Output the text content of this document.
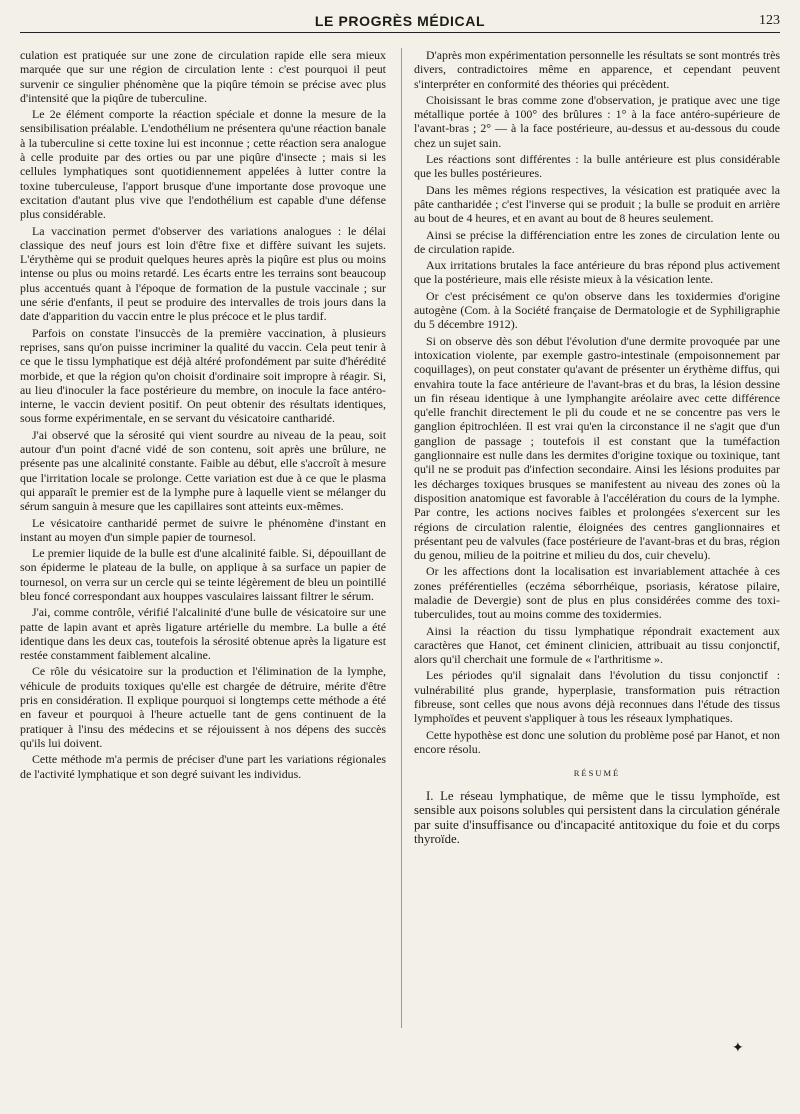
LE PROGRÈS MÉDICAL	123

culation est pratiquée sur une zone de circulation rapide elle sera mieux marquée que sur une région de circulation lente : c'est pourquoi il peut survenir ce singulier phénomène que la piqûre témoin se précise avec plus d'intensité que la piqûre de tuberculine.

Le 2e élément comporte la réaction spéciale et donne la mesure de la sensibilisation préalable. L'endothélium ne présentera qu'une réaction banale à la tuberculine si cette toxine lui est inconnue ; cette réaction sera analogue à celle produite par des orties ou par une piqûre d'insecte ; mais si les cellules lymphatiques sont quotidiennement appelées à lutter contre la toxine tuberculeuse, l'apport brusque d'une importante dose provoque une excitation d'autant plus vive que l'endothélium est capable d'une défense plus considérable.

La vaccination permet d'observer des variations analogues : le délai classique des neuf jours est loin d'être fixe et diffère suivant les sujets. L'érythème qui se produit quelques heures après la piqûre est plus ou moins intense ou plus ou moins retardé. Les écarts entre les terrains sont beaucoup plus accentués quant à l'époque de formation de la pustule vaccinale ; sur une série d'enfants, il peut se produire des intervalles de trois jours dans la date d'apparition du vaccin entre le plus précoce et le plus tardif.

Parfois on constate l'insuccès de la première vaccination, à plusieurs reprises, sans qu'on puisse incriminer la qualité du vaccin. Cela peut tenir à ce que le tissu lymphatique est déjà altéré profondément par suite d'hérédité morbide, et que la région qu'on choisit d'ordinaire soit impropre à réagir. Si, au lieu d'inoculer la face postérieure du membre, on inocule la face antéro-interne, le vaccin devient positif. On peut obtenir des résultats identiques, sous forme expérimentale, en se servant du vésicatoire cantharidé.

J'ai observé que la sérosité qui vient sourdre au niveau de la peau, soit autour d'un point d'acné vidé de son contenu, soit après une brûlure, ne présente pas une alcalinité constante. Faible au début, elle s'accroît à mesure que l'irritation locale se prolonge. Cette variation est due à ce que le plasma qui apparaît le premier est de la lymphe pure à laquelle vient se mélanger du sérum sanguin à mesure que les capillaires sont atteints eux-mêmes.

Le vésicatoire cantharidé permet de suivre le phénomène d'instant en instant au moyen d'un simple papier de tournesol.

Le premier liquide de la bulle est d'une alcalinité faible. Si, dépouillant de son épiderme le plateau de la bulle, on applique à sa surface un papier de tournesol, on verra sur un cercle qui se teinte légèrement de bleu un pointillé bleu foncé correspondant aux houppes vasculaires laissant filtrer le sérum.

J'ai, comme contrôle, vérifié l'alcalinité d'une bulle de vésicatoire sur une patte de lapin avant et après ligature artérielle du membre. La bulle a été identique dans les deux cas, toutefois la sérosité obtenue après la ligature est restée constamment faiblement alcaline.

Ce rôle du vésicatoire sur la production et l'élimination de la lymphe, véhicule de produits toxiques qu'elle est chargée de détruire, mérite d'être pris en considération. Il explique pourquoi si longtemps cette méthode a été en faveur et pourquoi à l'heure actuelle tant de gens continuent de la pratiquer à l'insu des médecins et se réjouissent à nos dépens des succès qu'ils lui doivent.

Cette méthode m'a permis de préciser d'une part les variations régionales de l'activité lymphatique et son degré suivant les individus.

D'après mon expérimentation personnelle les résultats se sont montrés très divers, contradictoires même en apparence, et cependant peuvent s'interpréter en conformité des théories qui précèdent.

Choisissant le bras comme zone d'observation, je pratique avec une tige métallique portée à 100° des brûlures : 1° à la face antéro-supérieure de l'avant-bras ; 2° — à la face postérieure, au-dessus et au-dessous du coude chez un sujet sain.

Les réactions sont différentes : la bulle antérieure est plus considérable que les bulles postérieures.

Dans les mêmes régions respectives, la vésication est pratiquée avec la pâte cantharidée ; c'est l'inverse qui se produit ; la bulle se produit en arrière au bout de 4 heures, et en avant au bout de 8 heures seulement.

Ainsi se précise la différenciation entre les zones de circulation lente ou de circulation rapide.

Aux irritations brutales la face antérieure du bras répond plus activement que la postérieure, mais elle résiste mieux à la vésication lente.

Or c'est précisément ce qu'on observe dans les toxidermies d'origine autogène (Com. à la Société française de Dermatologie et de Syphiligraphie du 5 décembre 1912).

Si on observe dès son début l'évolution d'une dermite provoquée par une intoxication violente, par exemple gastro-intestinale (empoisonnement par coquillages), on peut constater qu'avant de présenter un érythème diffus, qui envahira toute la face antérieure de l'avant-bras et du bras, la lésion dessine un fin réseau identique à une lymphangite aréolaire avec cette différence qu'elle franchit directement le pli du coude et ne se concentre pas vers le ganglion épitrochléen. Il est vrai qu'en la circonstance il ne s'agit que d'un ganglion de passage ; toutefois il est constant que la tuméfaction ganglionnaire est nulle dans les dermites d'origine toxique ou toxinique, tant qu'il ne se produit pas d'infection secondaire. Ainsi les lésions produites par les décharges toxiques brusques se manifestent au niveau des zones où la disposition anatomique est favorable à l'accélération du cours de la lymphe. Par contre, les actions nocives faibles et prolongées s'exercent sur les régions de circulation ralentie, éloignées des centres ganglionnaires et présentant peu de valvules (face postérieure de l'avant-bras et du bras, région du genou, milieu de la poitrine et milieu du dos, cuir chevelu).

Or les affections dont la localisation est invariablement attachée à ces zones préférentielles (eczéma séborrhéique, psoriasis, kératose pilaire, maladie de Devergie) sont de plus en plus considérées comme des toxi-tuberculides, tout au moins comme des toxidermies.

Ainsi la réaction du tissu lymphatique répondrait exactement aux caractères que Hanot, cet éminent clinicien, attribuait au tissu conjonctif, alors qu'il cherchait une formule de « l'arthritisme ».

Les périodes qu'il signalait dans l'évolution du tissu conjonctif : vulnérabilité plus grande, hyperplasie, transformation puis rétraction fibreuse, sont celles que nous avons déjà reconnues dans l'étude des tissus lymphoïdes et peuvent s'appliquer à tous les réseaux lymphatiques.

Cette hypothèse est donc une solution du problème posé par Hanot, et non encore résolu.

RÉSUMÉ

I. Le réseau lymphatique, de même que le tissu lymphoïde, est sensible aux poisons solubles qui persistent dans la circulation générale par suite d'insuffisance ou d'incapacité antitoxique du foie et du corps thyroïde.

✦
